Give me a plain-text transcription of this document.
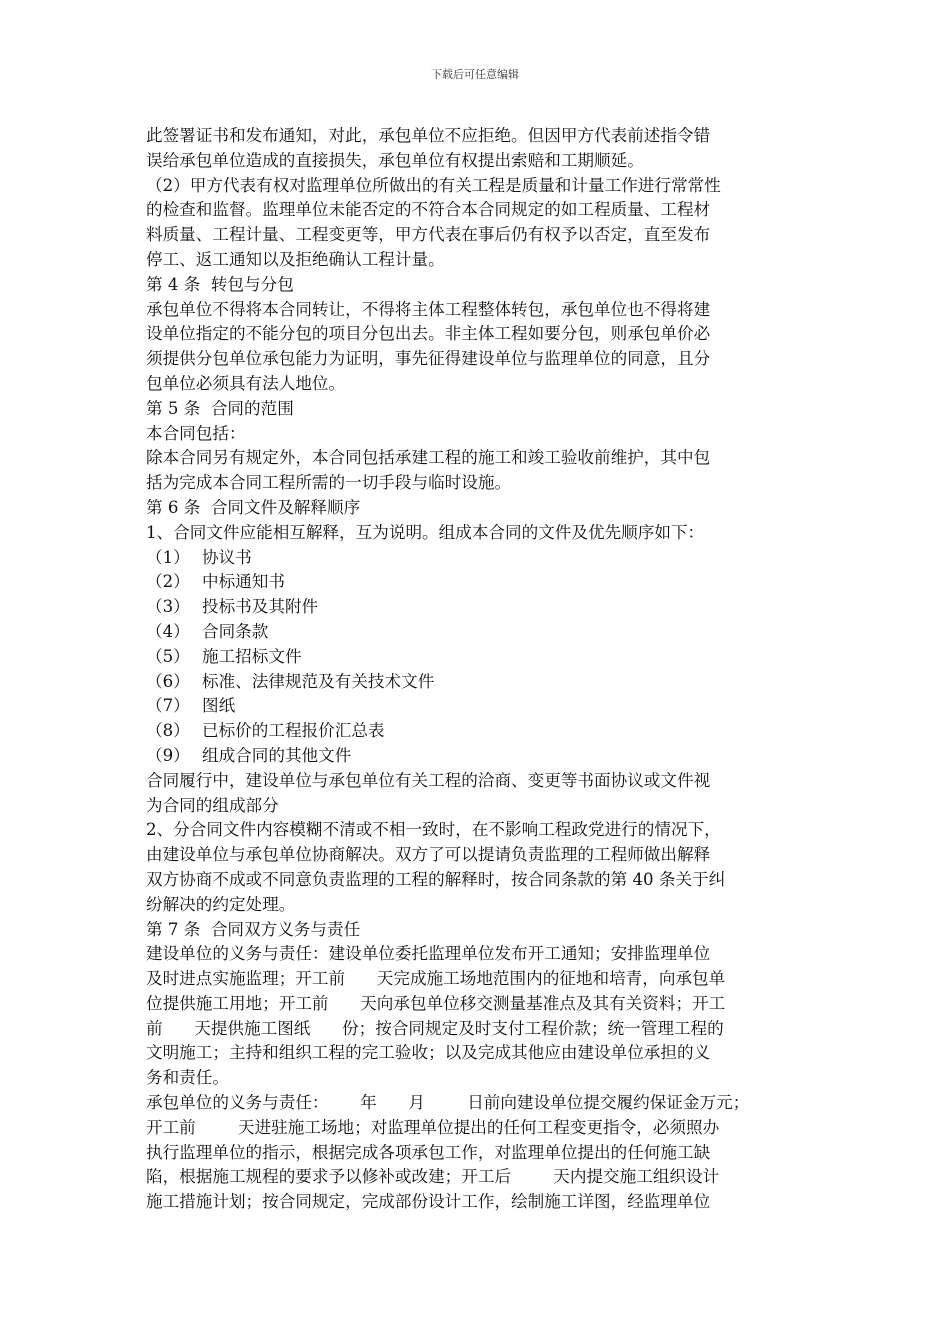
下载后可任意编辑
此签署证书和发布通知，对此，承包单位不应拒绝。但因甲方代表前述指令错
误给承包单位造成的直接损失，承包单位有权提出索赔和工期顺延。
（2）甲方代表有权对监理单位所做出的有关工程是质量和计量工作进行常常性
的检查和监督。监理单位未能否定的不符合本合同规定的如工程质量、工程材
料质量、工程计量、工程变更等，甲方代表在事后仍有权予以否定，直至发布
停工、返工通知以及拒绝确认工程计量。
第 4 条  转包与分包
承包单位不得将本合同转让，不得将主体工程整体转包，承包单位也不得将建
设单位指定的不能分包的项目分包出去。非主体工程如要分包，则承包单价必
须提供分包单位承包能力为证明，事先征得建设单位与监理单位的同意，且分
包单位必须具有法人地位。
第 5 条  合同的范围
本合同包括：
除本合同另有规定外，本合同包括承建工程的施工和竣工验收前维护，其中包
括为完成本合同工程所需的一切手段与临时设施。
第 6 条  合同文件及解释顺序
1、合同文件应能相互解释，互为说明。组成本合同的文件及优先顺序如下：
（1） 协议书
（2） 中标通知书
（3） 投标书及其附件
（4） 合同条款
（5） 施工招标文件
（6） 标准、法律规范及有关技术文件
（7） 图纸
（8） 已标价的工程报价汇总表
（9） 组成合同的其他文件
合同履行中，建设单位与承包单位有关工程的洽商、变更等书面协议或文件视
为合同的组成部分
2、分合同文件内容模糊不清或不相一致时，在不影响工程政党进行的情况下，
由建设单位与承包单位协商解决。双方了可以提请负责监理的工程师做出解释
双方协商不成或不同意负责监理的工程的解释时，按合同条款的第 40 条关于纠
纷解决的约定处理。
第 7 条  合同双方义务与责任
建设单位的义务与责任：建设单位委托监理单位发布开工通知；安排监理单位
及时进点实施监理；开工前      天完成施工场地范围内的征地和培青，向承包单
位提供施工用地；开工前      天向承包单位移交测量基准点及其有关资料；开工
前      天提供施工图纸      份；按合同规定及时支付工程价款；统一管理工程的
文明施工；主持和组织工程的完工验收；以及完成其他应由建设单位承担的义
务和责任。
承包单位的义务与责任：      年      月        日前向建设单位提交履约保证金万元；
开工前        天进驻施工场地；对监理单位提出的任何工程变更指令，必须照办
执行监理单位的指示，根据完成各项承包工作，对监理单位提出的任何施工缺
陷，根据施工规程的要求予以修补或改建；开工后        天内提交施工组织设计
施工措施计划；按合同规定，完成部份设计工作，绘制施工详图，经监理单位
